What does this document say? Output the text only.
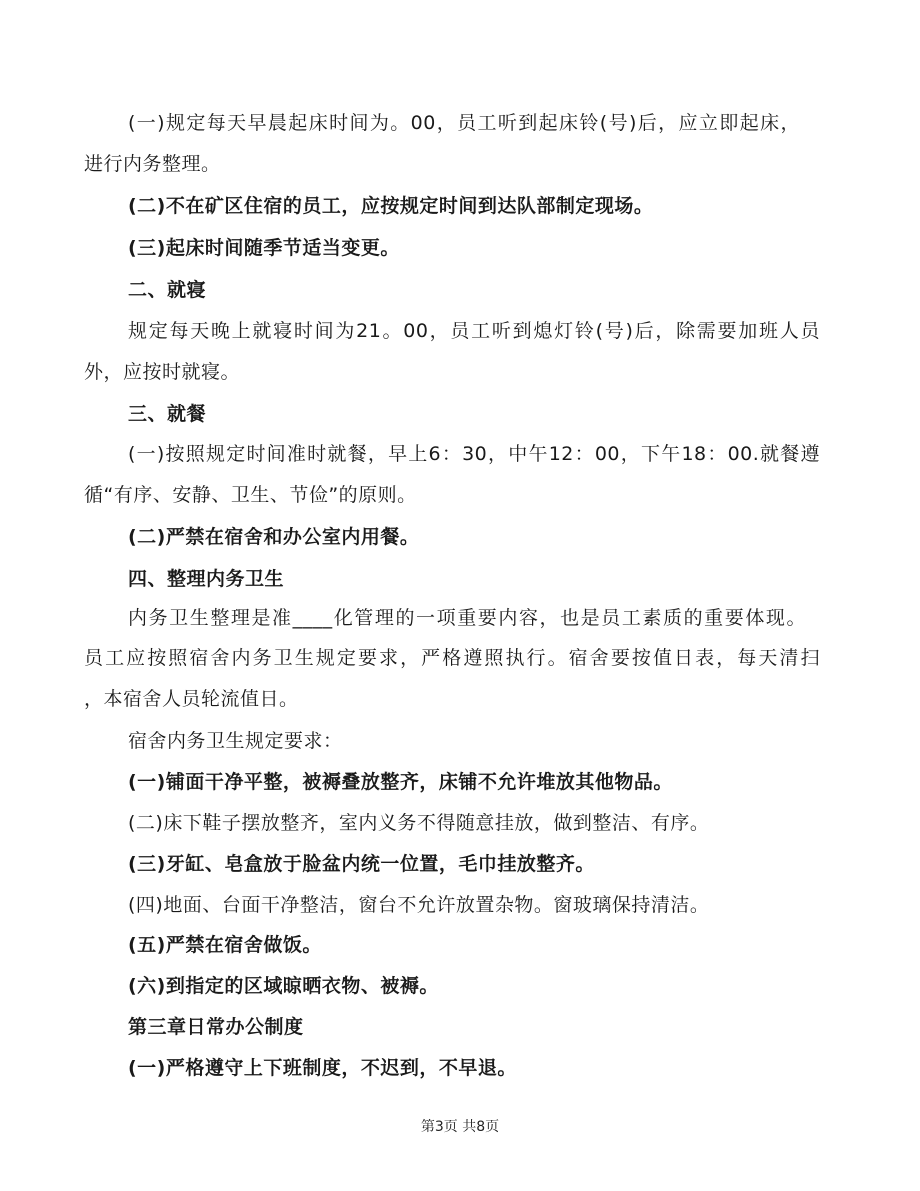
(一)规定每天早晨起床时间为。00，员工听到起床铃(号)后，应立即起床，
进行内务整理。
(二)不在矿区住宿的员工，应按规定时间到达队部制定现场。
(三)起床时间随季节适当变更。
二、就寝
规定每天晚上就寝时间为21。00，员工听到熄灯铃(号)后，除需要加班人员
外，应按时就寝。
三、就餐
(一)按照规定时间准时就餐，早上6：30，中午12：00，下午18：00.就餐遵
循“有序、安静、卫生、节俭”的原则。
(二)严禁在宿舍和办公室内用餐。
四、整理内务卫生
内务卫生整理是准____化管理的一项重要内容，也是员工素质的重要体现。
员工应按照宿舍内务卫生规定要求，严格遵照执行。宿舍要按值日表，每天清扫
，本宿舍人员轮流值日。
宿舍内务卫生规定要求：
(一)铺面干净平整，被褥叠放整齐，床铺不允许堆放其他物品。
(二)床下鞋子摆放整齐，室内义务不得随意挂放，做到整洁、有序。
(三)牙缸、皂盒放于脸盆内统一位置，毛巾挂放整齐。
(四)地面、台面干净整洁，窗台不允许放置杂物。窗玻璃保持清洁。
(五)严禁在宿舍做饭。
(六)到指定的区域晾晒衣物、被褥。
第三章日常办公制度
(一)严格遵守上下班制度，不迟到，不早退。
第3页 共8页
